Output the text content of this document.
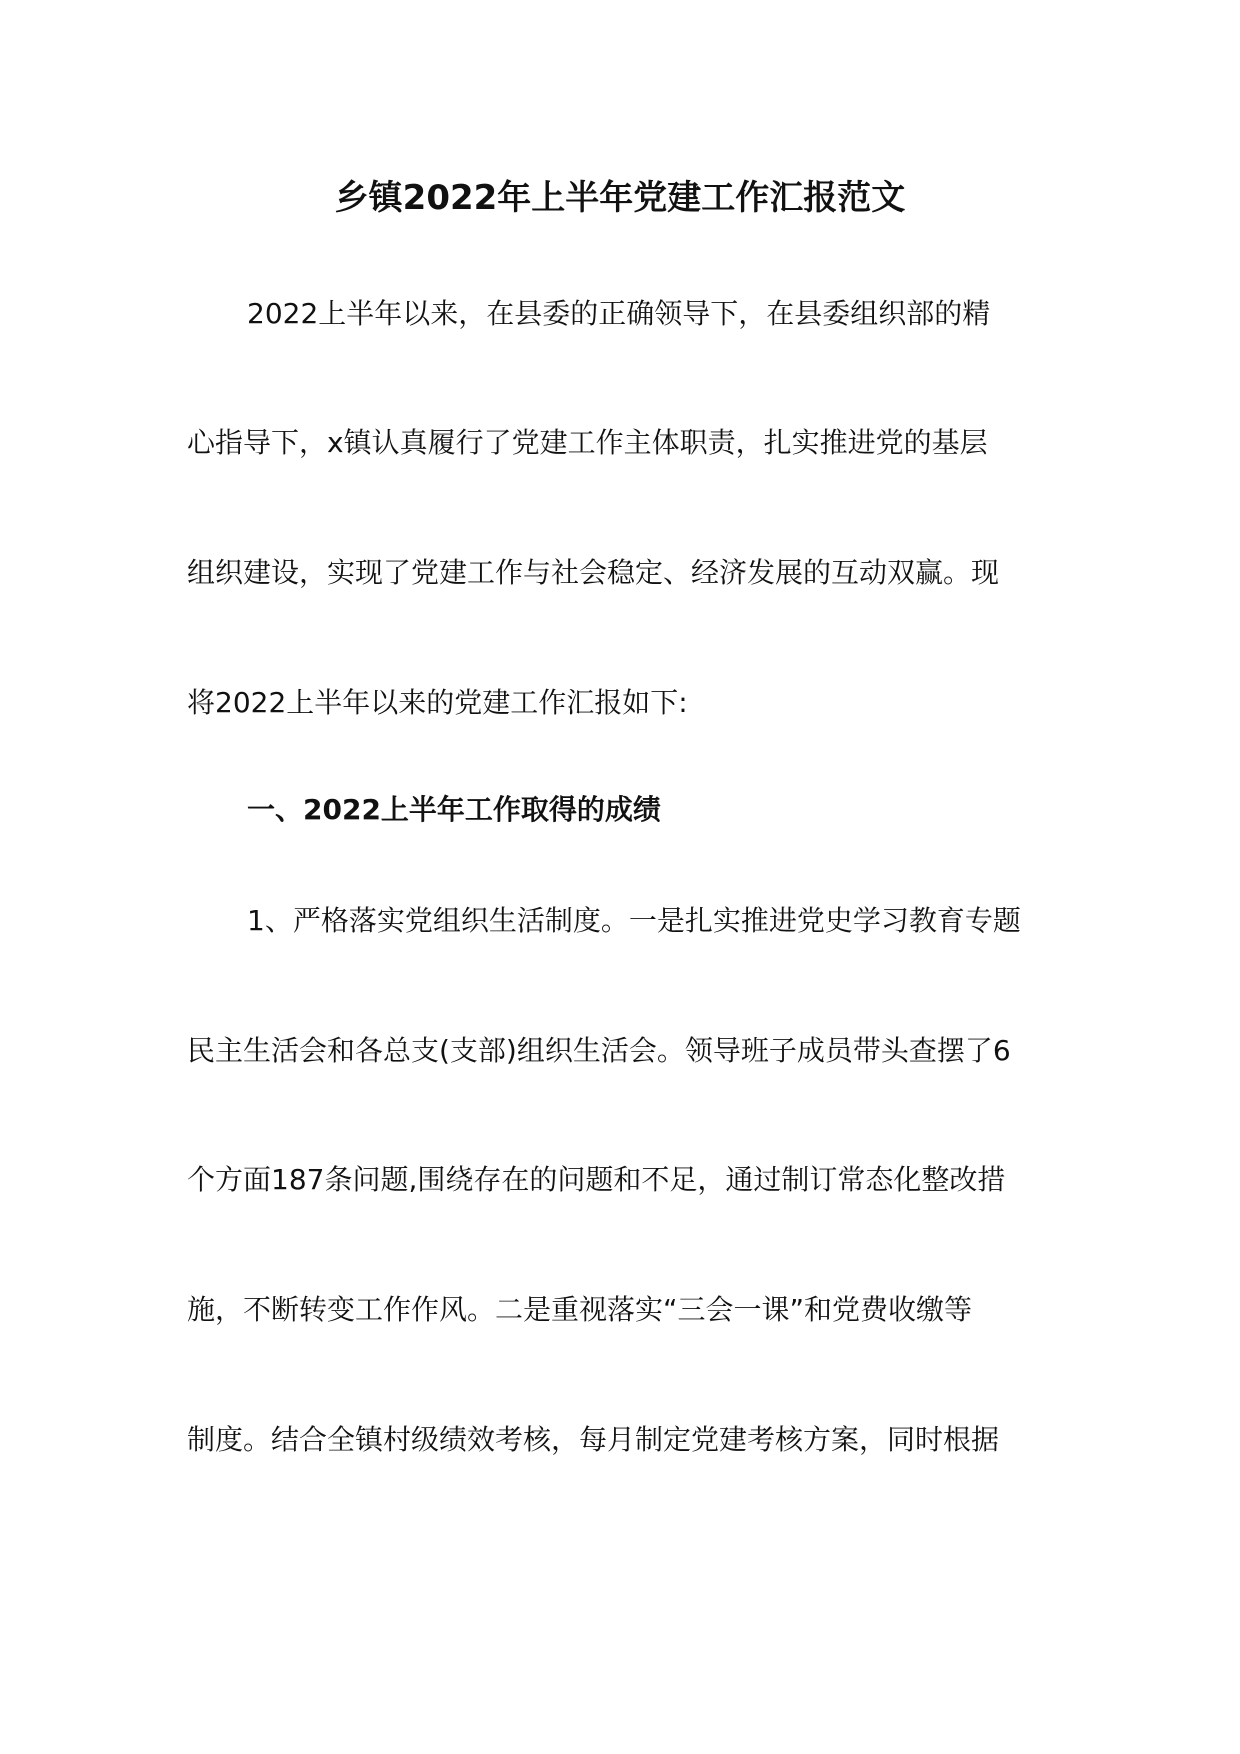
乡镇2022年上半年党建工作汇报范文
2022上半年以来，在县委的正确领导下，在县委组织部的精
心指导下，x镇认真履行了党建工作主体职责，扎实推进党的基层
组织建设，实现了党建工作与社会稳定、经济发展的互动双赢。现
将2022上半年以来的党建工作汇报如下:
一、2022上半年工作取得的成绩
1、严格落实党组织生活制度。一是扎实推进党史学习教育专题
民主生活会和各总支(支部)组织生活会。领导班子成员带头查摆了6
个方面187条问题,围绕存在的问题和不足，通过制订常态化整改措
施，不断转变工作作风。二是重视落实“三会一课”和党费收缴等
制度。结合全镇村级绩效考核，每月制定党建考核方案，同时根据
